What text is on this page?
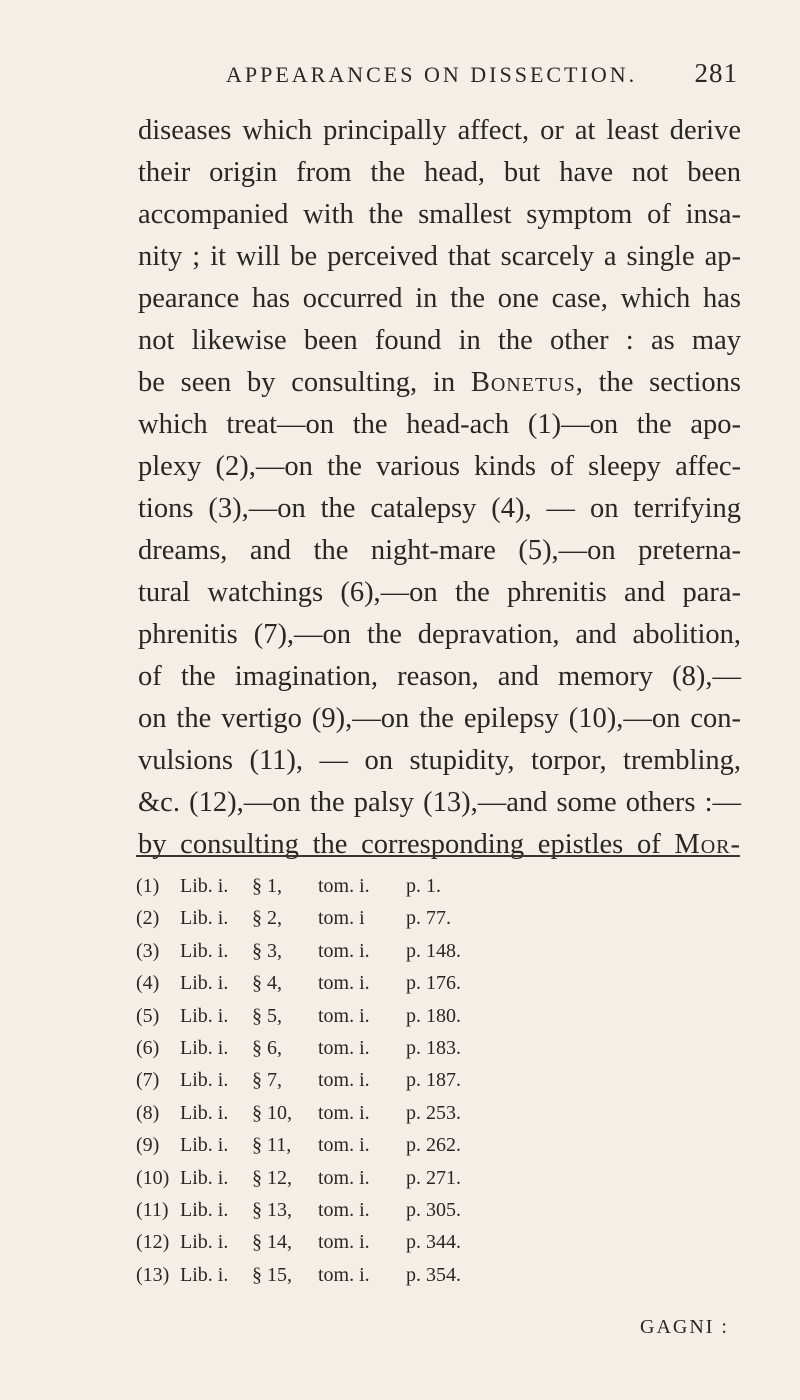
APPEARANCES ON DISSECTION. 281

diseases which principally affect, or at least derive
their origin from the head, but have not been
accompanied with the smallest symptom of insa-
nity ; it will be perceived that scarcely a single ap-
pearance has occurred in the one case, which has
not likewise been found in the other : as may
be seen by consulting, in Bonetus, the sections
which treat—on the head-ach (1)—on the apo-
plexy (2),—on the various kinds of sleepy affec-
tions (3),—on the catalepsy (4), — on terrifying
dreams, and the night-mare (5),—on preterna-
tural watchings (6),—on the phrenitis and para-
phrenitis (7),—on the depravation, and abolition,
of the imagination, reason, and memory (8),—
on the vertigo (9),—on the epilepsy (10),—on con-
vulsions (11), — on stupidity, torpor, trembling,
&c. (12),—on the palsy (13),—and some others :—
by consulting the corresponding epistles of Mor-

(1)	Lib. i.	§ 1,	tom. i.	p. 1.
(2)	Lib. i.	§ 2,	tom. i	p. 77.
(3)	Lib. i.	§ 3,	tom. i.	p. 148.
(4)	Lib. i.	§ 4,	tom. i.	p. 176.
(5)	Lib. i.	§ 5,	tom. i.	p. 180.
(6)	Lib. i.	§ 6,	tom. i.	p. 183.
(7)	Lib. i.	§ 7,	tom. i.	p. 187.
(8)	Lib. i.	§ 10,	tom. i.	p. 253.
(9)	Lib. i.	§ 11,	tom. i.	p. 262.
(10) Lib. i.	§ 12,	tom. i.	p. 271.
(11) Lib. i.	§ 13,	tom. i.	p. 305.
(12) Lib. i.	§ 14,	tom. i.	p. 344.
(13) Lib. i.	§ 15,	tom. i.	p. 354.
GAGNI :
